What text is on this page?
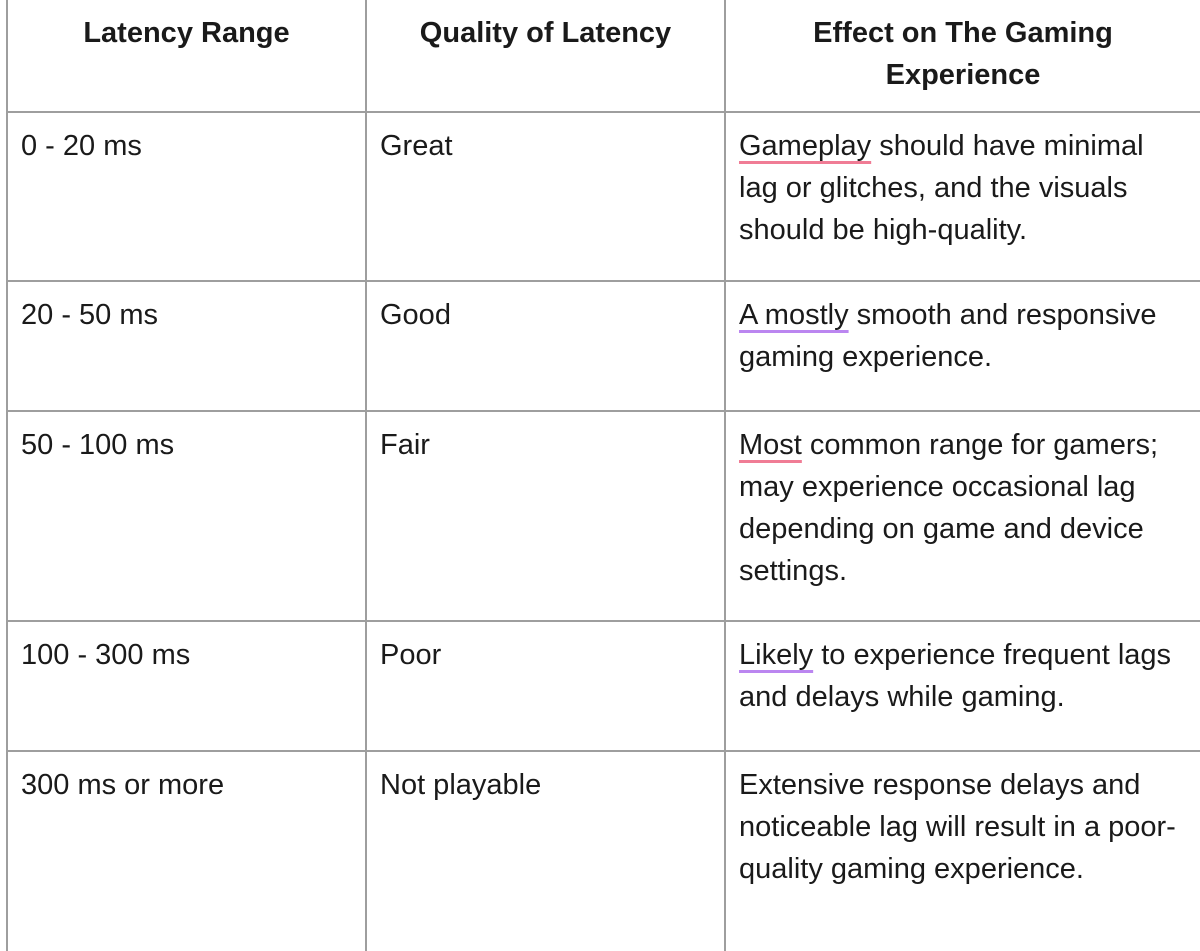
Latency Range	Quality of Latency	Effect on The Gaming Experience
0 - 20 ms	Great	Gameplay should have minimal lag or glitches, and the visuals should be high-quality.
20 - 50 ms	Good	A mostly smooth and responsive gaming experience.
50 - 100 ms	Fair	Most common range for gamers; may experience occasional lag depending on game and device settings.
100 - 300 ms	Poor	Likely to experience frequent lags and delays while gaming.
300 ms or more	Not playable	Extensive response delays and noticeable lag will result in a poor-quality gaming experience.
